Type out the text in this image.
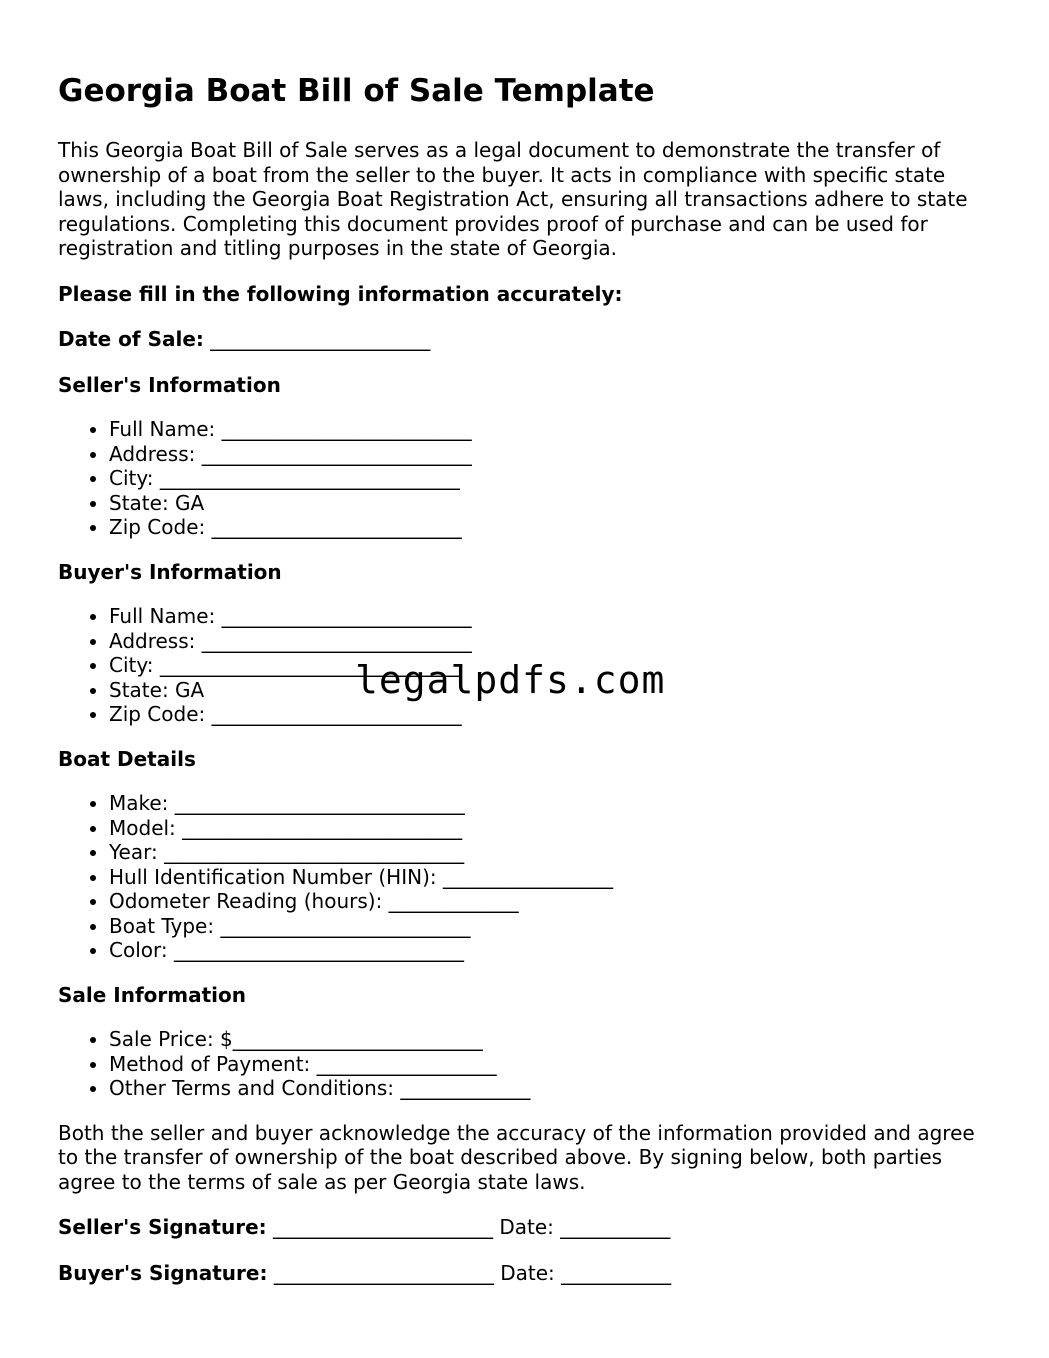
Georgia Boat Bill of Sale Template

This Georgia Boat Bill of Sale serves as a legal document to demonstrate the transfer of ownership of a boat from the seller to the buyer. It acts in compliance with specific state laws, including the Georgia Boat Registration Act, ensuring all transactions adhere to state regulations. Completing this document provides proof of purchase and can be used for registration and titling purposes in the state of Georgia.

Please fill in the following information accurately:
Date of Sale: ______________________
Seller's Information
• Full Name: _________________________
• Address: ___________________________
• City: ______________________________
• State: GA
• Zip Code: _________________________
Buyer's Information
• Full Name: _________________________
• Address: ___________________________
• City: ______________________________
• State: GA
• Zip Code: _________________________
Boat Details
• Make: _____________________________
• Model: ____________________________
• Year: ______________________________
• Hull Identification Number (HIN): _________________
• Odometer Reading (hours): _____________
• Boat Type: _________________________
• Color: _____________________________
Sale Information
• Sale Price: $_________________________
• Method of Payment: __________________
• Other Terms and Conditions: _____________

Both the seller and buyer acknowledge the accuracy of the information provided and agree to the transfer of ownership of the boat described above. By signing below, both parties agree to the terms of sale as per Georgia state laws.

Seller's Signature: ______________________ Date: ___________
Buyer's Signature: ______________________ Date: ___________
legalpdfs.com
